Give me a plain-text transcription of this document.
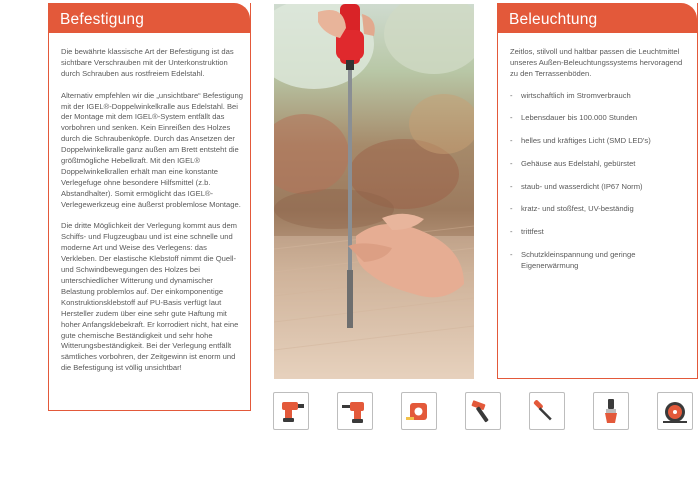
Befestigung

Die bewährte klassische Art der Befestigung ist das sichtbare Verschrauben mit der Unterkonstruktion durch Schrauben aus rostfreiem Edelstahl.

Alternativ empfehlen wir die „unsichtbare“ Befestigung mit der IGEL®-Doppelwinkelkralle aus Edelstahl. Bei der Montage mit dem IGEL®-System entfällt das vorbohren und senken. Kein Einreißen des Holzes durch die Schraubenköpfe. Durch das Ansetzen der Doppelwinkelkralle ganz außen am Brett entsteht die größtmögliche Hebelkraft. Mit den IGEL® Doppelwinkelkrallen erhält man eine konstante Verlegefuge ohne besondere Hilfsmittel (z.b. Abstandhalter). Somit ermöglicht das IGEL®-Verlegewerkzeug eine äußerst problemlose Montage.

Die dritte Möglichkeit der Verlegung kommt aus dem Schiffs- und Flugzeugbau und ist eine schnelle und moderne Art und Weise des Verlegens: das Verkleben. Der elastische Klebstoff nimmt die Quell- und Schwindbewegungen des Holzes bei unterschiedlicher Witterung und dynamischer Belastung problemlos auf. Der einkomponentige Konstruktionsklebstoff auf PU-Basis verfügt laut Hersteller zudem über eine sehr gute Haftung mit hoher Anfangsklebekraft. Er korrodiert nicht, hat eine gute chemische Beständigkeit und sehr hohe Witterungsbeständigkeit. Bei der Verlegung entfällt sämtliches vorbohren, der Zeitgewinn ist enorm und die Befestigung ist völlig unsichtbar!

Beleuchtung

Zeitlos, stilvoll und haltbar passen die Leuchtmittel unseres Außen-Beleuchtungssystems hervoragend zu den Terrassenböden.

- wirtschaftlich im Stromverbrauch
- Lebensdauer bis 100.000 Stunden
- helles und kräftiges Licht (SMD LED's)
- Gehäuse aus Edelstahl, gebürstet
- staub- und wasserdicht (IP67 Norm)
- kratz- und stoßfest, UV-beständig
- trittfest
- Schutzkleinspannung und geringe Eigenerwärmung
